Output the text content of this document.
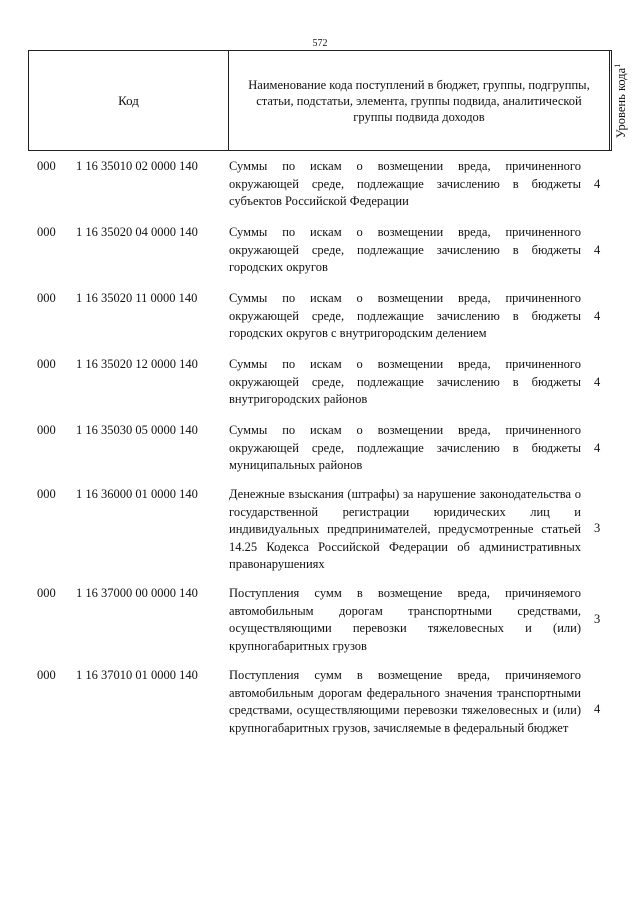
572
Код
Наименование кода поступлений в бюджет, группы, подгруппы, статьи, подстатьи, элемента, группы подвида, аналитической группы подвида доходов	Уровень кода$^1$
000 1 16 35010 02 0000 140 Суммы по искам о возмещении вреда, причиненного окружающей среде, подлежащие зачислению в бюджеты субъектов Российской Федерации
4
000 1 16 35020 04 0000 140 Суммы по искам о возмещении вреда, причиненного окружающей среде, подлежащие зачислению в бюджеты городских округов
4
000 1 16 35020 11 0000 140	Суммы по искам о возмещении вреда, причиненного окружающей среде, подлежащие зачислению в бюджеты городских округов с внутригородским делением
4
000 1 16 35020 12 0000 140 Суммы по искам о возмещении вреда, причиненного окружающей среде, подлежащие зачислению в бюджеты внутригородских районов
4
000 1 16 35030 05 0000 140 Суммы по искам о возмещении вреда, причиненного окружающей среде, подлежащие зачислению в бюджеты муниципальных районов
4
000 1 16 36000 01 0000 140 Денежные взыскания (штрафы) за нарушение законодательства о государственной регистрации юридических лиц и индивидуальных предпринимателей, предусмотренные статьей 14.25 Кодекса Российской Федерации об административных правонарушениях
3
000 1 16 37000 00 0000 140 Поступления сумм в возмещение вреда, причиняемого автомобильным дорогам транспортными средствами, осуществляющими перевозки тяжеловесных и (или) крупногабаритных грузов
3
000 1 16 37010 01 0000 140 Поступления сумм в возмещение вреда, причиняемого автомобильным дорогам федерального значения транспортными средствами, осуществляющими перевозки тяжеловесных и (или) крупногабаритных грузов, зачисляемые в федеральный бюджет
4
